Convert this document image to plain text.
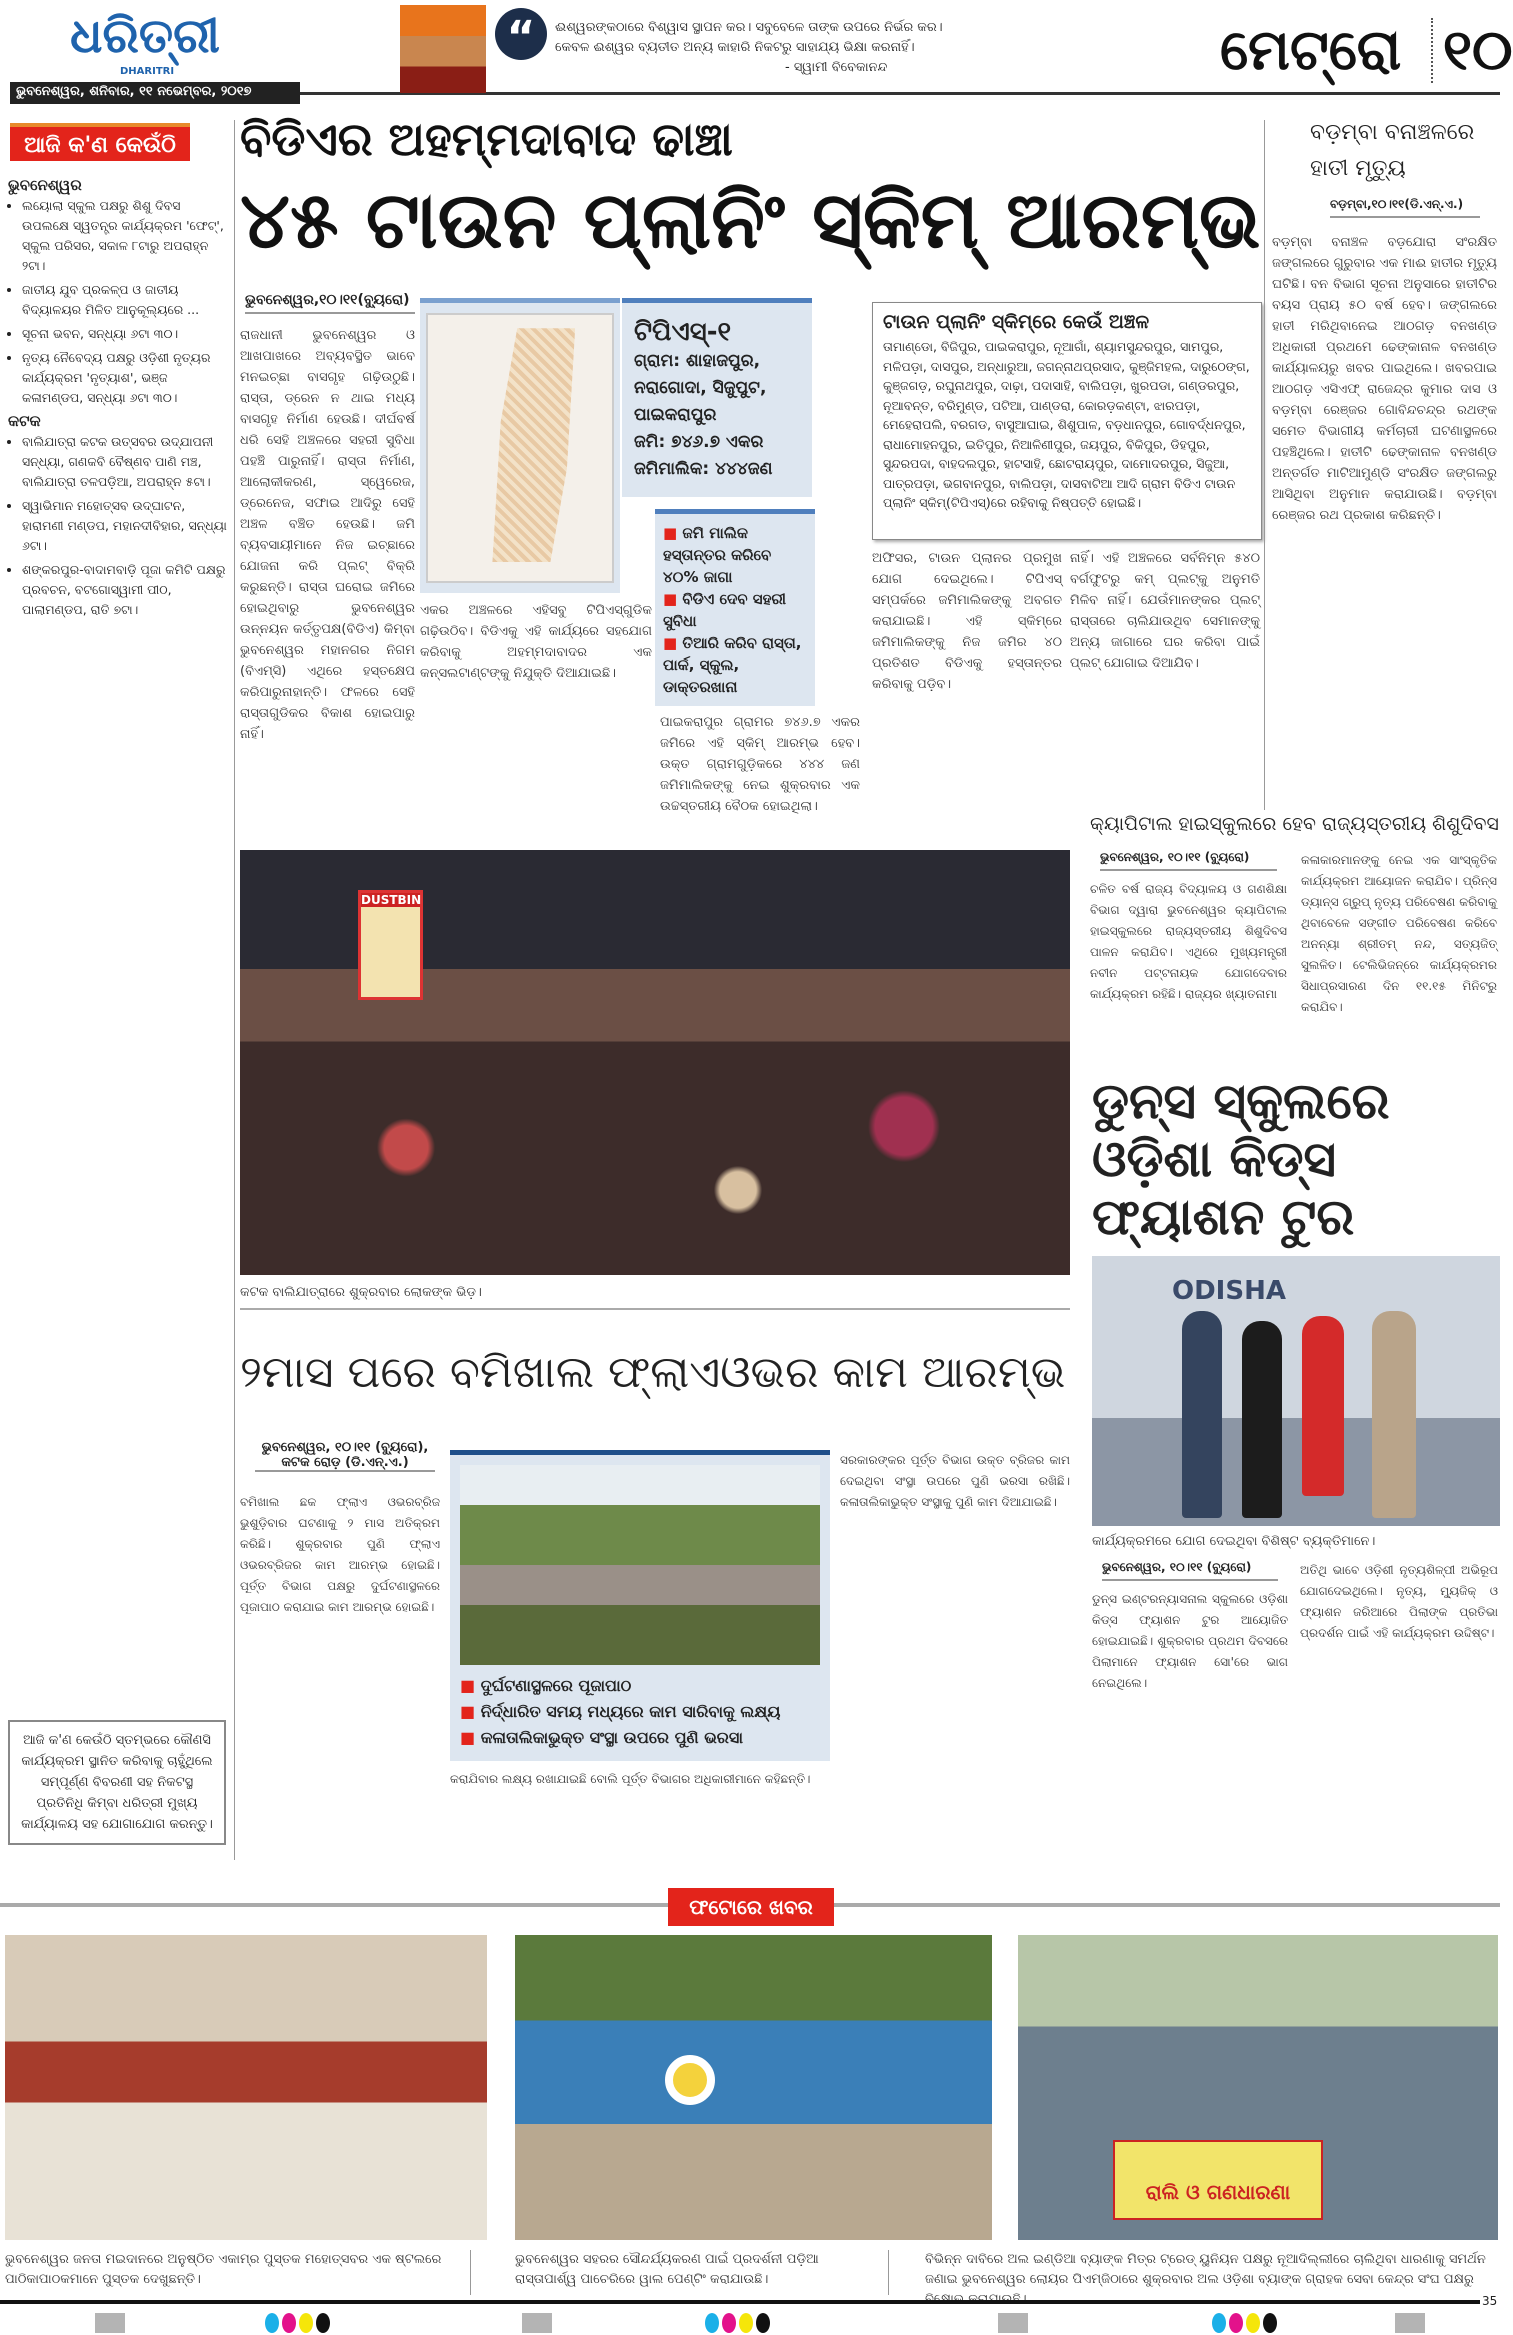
ଧରିତ୍ରୀ
DHARITRI
ଭୁବନେଶ୍ୱର, ଶନିବାର, ୧୧ ନଭେମ୍ବର, ୨୦୧୭
“	ଈଶ୍ୱରଙ୍କଠାରେ ବିଶ୍ୱାସ ସ୍ଥାପନ କର। ସବୁବେଳେ ତାଙ୍କ ଉପରେ ନିର୍ଭର କର।
କେବଳ ଈଶ୍ୱର ବ୍ୟତୀତ ଅନ୍ୟ କାହାରି ନିକଟରୁ ସାହାଯ୍ୟ ଭିକ୍ଷା କରନାହିଁ।
- ସ୍ୱାମୀ ବିବେକାନନ୍ଦ	ମେଟ୍ରୋ ୧୦
ଆଜି କ'ଣ କେଉଁଠି
ଭୁବନେଶ୍ୱର
• ଲୟୋଲା ସ୍କୁଲ ପକ୍ଷରୁ ଶିଶୁ ଦିବସ ଉପଲକ୍ଷେ ସ୍ୱତନ୍ତ୍ର କାର୍ଯ୍ୟକ୍ରମ 'ଫେଟ୍', ସ୍କୁଲ ପରିସର, ସକାଳ ୮ଟାରୁ ଅପରାହ୍ନ ୨ଟା।
• ଜାତୀୟ ଯୁବ ପ୍ରକଳ୍ପ ଓ ଜାତୀୟ ବିଦ୍ୟାଳୟର ମିଳିତ ଆନୁକୂଲ୍ୟରେ ...
• ସୂଚନା ଭବନ, ସନ୍ଧ୍ୟା ୬ଟା ୩୦।
• ନୃତ୍ୟ ନୈବେଦ୍ୟ ପକ୍ଷରୁ ଓଡ଼ିଶୀ ନୃତ୍ୟର କାର୍ଯ୍ୟକ୍ରମ 'ନୃତ୍ୟାଶ', ଭଞ୍ଜ କଳାମଣ୍ଡପ, ସନ୍ଧ୍ୟା ୬ଟା ୩୦।
କଟକ
• ବାଲିଯାତ୍ରା କଟକ ଉତ୍ସବର ଉଦ୍‌ଯାପନୀ ସନ୍ଧ୍ୟା, ଗଣକବି ବୈଷ୍ଣବ ପାଣି ମଞ୍ଚ, ବାଲିଯାତ୍ରା ତଳପଡ଼ିଆ, ଅପରାହ୍ନ ୫ଟା।
• ସ୍ୱାଭିମାନ ମହୋତ୍ସବ ଉଦ୍‌ଘାଟନ, ହାରାମଣୀ ମଣ୍ଡପ, ମହାନଦୀବିହାର, ସନ୍ଧ୍ୟା ୬ଟା।
• ଶଙ୍କରପୁର-ବାଦାମବାଡ଼ି ପୂଜା କମିଟି ପକ୍ଷରୁ ପ୍ରବଚନ, ବଟଗୋସ୍ୱାମୀ ପୀଠ, ପାଲାମଣ୍ଡପ, ରାତି ୭ଟା।
ଆଜି କ'ଣ କେଉଁଠି ସ୍ତମ୍ଭରେ କୌଣସି କାର୍ଯ୍ୟକ୍ରମ ସ୍ଥାନିତ କରିବାକୁ ଚାହୁଁଥିଲେ ସମ୍ପୂର୍ଣ୍ଣ ବିବରଣୀ ସହ ନିକଟସ୍ଥ ପ୍ରତିନିଧି କିମ୍ବା ଧରିତ୍ରୀ ମୁଖ୍ୟ କାର୍ଯ୍ୟାଳୟ ସହ ଯୋଗାଯୋଗ କରନ୍ତୁ।
ବିଡିଏର ଅହମ୍ମଦାବାଦ ଢାଞ୍ଚା
୪୫ ଟାଉନ ପ୍ଲାନିଂ ସ୍କିମ୍ ଆରମ୍ଭ
ଭୁବନେଶ୍ୱର,୧୦।୧୧(ବ୍ୟୁରୋ)
ରାଜଧାନୀ ଭୁବନେଶ୍ୱର ଓ ଆଖପାଖରେ ଅବ୍ୟବସ୍ଥିତ ଭାବେ ମନଇଚ୍ଛା ବାସଗୃହ ଗଢ଼ିଉଠୁଛି। ରାସ୍ତା, ଡ୍ରେନ ନ ଥାଇ ମଧ୍ୟ ବାସଗୃହ ନିର୍ମାଣ ହେଉଛି। ଦୀର୍ଘବର୍ଷ ଧରି ସେହି ଅଞ୍ଚଳରେ ସହରୀ ସୁବିଧା ପହଞ୍ଚି ପାରୁନାହିଁ। ରାସ୍ତା ନିର୍ମାଣ, ଆଲୋକୀକରଣ, ସ୍ୱେରେଜ, ଡ୍ରେନେଜ, ସଫାଇ ଆଦିରୁ ସେହି ଅଞ୍ଚଳ ବଞ୍ଚିତ ହେଉଛି। ଜମି ବ୍ୟବସାୟୀମାନେ ନିଜ ଇଚ୍ଛାରେ ଯୋଜନା କରି ପ୍ଲଟ୍ ବିକ୍ରି କରୁଛନ୍ତି। ରାସ୍ତା ଘରୋଇ ଜମିରେ ହୋଇଥିବାରୁ ଭୁବନେଶ୍ୱର ଉନ୍ନୟନ କର୍ତ୍ତୃପକ୍ଷ(ବିଡିଏ) କିମ୍ବା ଭୁବନେଶ୍ୱର ମହାନଗର ନିଗମ (ବିଏମ୍‌ସି) ଏଥିରେ ହସ୍ତକ୍ଷେପ କରିପାରୁନାହାନ୍ତି। ଫଳରେ ସେହି ରାସ୍ତାଗୁଡିକର ବିକାଶ ହୋଇପାରୁ ନାହିଁ।
ଏକର ଅଞ୍ଚଳରେ ଏହିସବୁ ଟିପିଏସ୍‌ଗୁଡିକ ଗଢ଼ିଉଠିବ। ବିଡିଏକୁ ଏହି କାର୍ଯ୍ୟରେ ସହଯୋଗ କରିବାକୁ ଅହମ୍ମଦାବାଦର ଏକ କନ୍‌ସଲଟାଣ୍ଟଙ୍କୁ ନିଯୁକ୍ତି ଦିଆଯାଇଛି।
ଟିପିଏସ୍-୧
ଗ୍ରାମ: ଶାହାଜପୁର, ନରାଗୋଦା, ସିଜୁପୁଟ, ପାଇକରାପୁର
ଜମି: ୭୪୬.୭ ଏକର
ଜମିମାଲିକ: ୪୪୪ଜଣ
■ ଜମି ମାଲିକ ହସ୍ତାନ୍ତର କରିବେ ୪୦% ଜାଗା
■ ବିଡିଏ ଦେବ ସହରୀ ସୁବିଧା
■ ତିଆରି କରିବ ରାସ୍ତା, ପାର୍କ, ସ୍କୁଲ, ଡାକ୍ତରଖାନା
ପାଇକରାପୁର ଗ୍ରାମର ୭୪୬.୭ ଏକର ଜମିରେ ଏହି ସ୍କିମ୍ ଆରମ୍ଭ ହେବ। ଉକ୍ତ ଗ୍ରାମଗୁଡ଼ିକରେ ୪୪୪ ଜଣ ଜମିମାଲିକଙ୍କୁ ନେଇ ଶୁକ୍ରବାର ଏକ ଉଚ୍ଚସ୍ତରୀୟ ବୈଠକ ହୋଇଥିଲା।
ଟାଉନ ପ୍ଲାନିଂ ସ୍କିମ୍‌ରେ କେଉଁ ଅଞ୍ଚଳ
ତାମାଣ୍ଡୋ, ବିଜିପୁର, ପାଇକରାପୁର, ନୂଆଗାଁ, ଶ୍ୟାମସୁନ୍ଦରପୁର, ସାମପୁର, ମଳିପଡ଼ା, ଦାସପୁର, ଅନ୍ଧାରୁଆ, ଜଗନ୍ନାଥପ୍ରସାଦ, କୁଞ୍ଜିମହଲ, ଦାରୁଠେଙ୍ଗ, କୁଞ୍ଜଗଡ଼, ରଘୁନାଥପୁର, ଦାଢ଼ା, ପଦାସାହି, ବାଲିପଡ଼ା, ଖୁରପଡା, ଗଣ୍ଡରପୁର, ନୂଆବନ୍ତ, ବରିମୁଣ୍ଡ, ପଟିଆ, ପାଣ୍ଡରା, କୋରଡ଼କଣ୍ଟା, ଝାରପଡ଼ା, ମେହେରାପଲି, ବରଗଡ, ବାସୁଆଘାଇ, ଶିଶୁପାଳ, ବଡ଼ଧାନପୁର, ଗୋବର୍ଦ୍ଧନପୁର, ରାଧାମୋହନପୁର, ଇତିପୁର, ନିଆଳିଣୀପୁର, ଜୟପୁର, ବିକିପୁର, ଡିହପୁର, ସୁନ୍ଦରପଦା, ବାହଦଲପୁର, ହାଟସାହି, ଛୋଟରାୟପୁର, ଦାମୋଦରପୁର, ସିଜୁଆ, ପାତ୍ରପଡ଼ା, ଭଗବାନପୁର, ବାଲିପଡ଼ା, ଦାସବାଟିଆ ଆଦି ଗ୍ରାମ ବିଡିଏ ଟାଉନ ପ୍ଲାନିଂ ସ୍କିମ୍(ଟିପିଏସ୍)ରେ ରହିବାକୁ ନିଷ୍ପତ୍ତି ହୋଇଛି।
ଅଫିସର, ଟାଉନ ପ୍ଲାନର ପ୍ରମୁଖ ଯୋଗ ଦେଇଥିଲେ। ଟିପିଏସ୍ ସମ୍ପର୍କରେ ଜମିମାଲିକଙ୍କୁ ଅବଗତ କରାଯାଇଛି। ଏହି ସ୍କିମ୍‌ରେ ଜମିମାଲିକଙ୍କୁ ନିଜ ଜମିର ୪୦ ପ୍ରତିଶତ ବିଡିଏକୁ ହସ୍ତାନ୍ତର କରିବାକୁ ପଡ଼ିବ।
ନାହିଁ। ଏହି ଅଞ୍ଚଳରେ ସର୍ବନିମ୍ନ ୫୪୦ ବର୍ଗଫୁଟରୁ କମ୍ ପ୍ଲଟ୍‌କୁ ଅନୁମତି ମିଳିବ ନାହିଁ। ଯେଉଁମାନଙ୍କର ପ୍ଲଟ୍ ରାସ୍ତାରେ ଚାଲିଯାଉଥିବ ସେମାନଙ୍କୁ ଅନ୍ୟ ଜାଗାରେ ଘର କରିବା ପାଇଁ ପ୍ଲଟ୍ ଯୋଗାଇ ଦିଆଯିବ।
ବଡ଼ମ୍ବା ବନାଞ୍ଚଳରେ ହାତୀ ମୃତ୍ୟୁ
ବଡ଼ମ୍ବା,୧୦।୧୧(ଡି.ଏନ୍.ଏ.)
ବଡ଼ମ୍ବା ବନାଞ୍ଚଳ ବଡ଼ଯୋରା ସଂରକ୍ଷିତ ଜଙ୍ଗଲରେ ଗୁରୁବାର ଏକ ମାଈ ହାତୀର ମୃତ୍ୟୁ ଘଟିଛି। ବନ ବିଭାଗ ସୂଚନା ଅନୁସାରେ ହାତୀଟିର ବୟସ ପ୍ରାୟ ୫୦ ବର୍ଷ ହେବ। ଜଙ୍ଗଲରେ ହାତୀ ମରିଥିବାନେଇ ଆଠଗଡ଼ ବନଖଣ୍ଡ ଅଧିକାରୀ ପ୍ରଥମେ ଢେଙ୍କାନାଳ ବନଖଣ୍ଡ କାର୍ଯ୍ୟାଳୟରୁ ଖବର ପାଇଥିଲେ। ଖବରପାଇ ଆଠଗଡ଼ ଏସିଏଫ୍ ରାଜେନ୍ଦ୍ର କୁମାର ଦାସ ଓ ବଡ଼ମ୍ବା ରେଞ୍ଜର ଗୋବିନ୍ଦଚନ୍ଦ୍ର ରଥଙ୍କ ସମେତ ବିଭାଗୀୟ କର୍ମଚାରୀ ଘଟଣାସ୍ଥଳରେ ପହଞ୍ଚିଥିଲେ। ହାତୀଟି ଢେଙ୍କାନାଳ ବନଖଣ୍ଡ ଅନ୍ତର୍ଗତ ମାଟିଆମୁଣ୍ଡି ସଂରକ୍ଷିତ ଜଙ୍ଗଲରୁ ଆସିଥିବା ଅନୁମାନ କରାଯାଉଛି। ବଡ଼ମ୍ବା ରେଞ୍ଜର ରଥ ପ୍ରକାଶ କରିଛନ୍ତି।
DUSTBIN
କଟକ ବାଲିଯାତ୍ରାରେ ଶୁକ୍ରବାର ଲୋକଙ୍କ ଭିଡ଼।
କ୍ୟାପିଟାଲ ହାଇସ୍କୁଲରେ ହେବ ରାଜ୍ୟସ୍ତରୀୟ ଶିଶୁଦିବସ
ଭୁବନେଶ୍ୱର, ୧୦।୧୧ (ବ୍ୟୁରୋ)
ଚଳିତ ବର୍ଷ ରାଜ୍ୟ ବିଦ୍ୟାଳୟ ଓ ଗଣଶିକ୍ଷା ବିଭାଗ ଦ୍ୱାରା ଭୁବନେଶ୍ୱର କ୍ୟାପିଟାଲ ହାଇସ୍କୁଲରେ ରାଜ୍ୟସ୍ତରୀୟ ଶିଶୁଦିବସ ପାଳନ କରାଯିବ। ଏଥିରେ ମୁଖ୍ୟମନ୍ତ୍ରୀ ନବୀନ ପଟ୍ଟନାୟକ ଯୋଗଦେବାର କାର୍ଯ୍ୟକ୍ରମ ରହିଛି। ରାଜ୍ୟର ଖ୍ୟାତନାମା
କଳାକାରମାନଙ୍କୁ ନେଇ ଏକ ସାଂସ୍କୃତିକ କାର୍ଯ୍ୟକ୍ରମ ଆୟୋଜନ କରାଯିବ। ପ୍ରିନ୍ସ ଡ୍ୟାନ୍ସ ଗ୍ରୁପ୍ ନୃତ୍ୟ ପରିବେଷଣ କରିବାକୁ ଥିବାବେଳେ ସଙ୍ଗୀତ ପରିବେଷଣ କରିବେ ଅନନ୍ୟା ଶ୍ରୀତମ୍ ନନ୍ଦ, ସତ୍ୟଜିତ୍ ସୁଲଳିତ। ଟେଲିଭିଜନ୍‌ରେ କାର୍ଯ୍ୟକ୍ରମର ସିଧାପ୍ରସାରଣ ଦିନ ୧୧.୧୫ ମିନିଟରୁ କରାଯିବ।
ଡୁନ୍‌ସ ସ୍କୁଲରେ ଓଡ଼ିଶା କିଡ୍‌ସ ଫ୍ୟାଶନ ଟୁର
ODISHA
କାର୍ଯ୍ୟକ୍ରମରେ ଯୋଗ ଦେଇଥିବା ବିଶିଷ୍ଟ ବ୍ୟକ୍ତିମାନେ।
ଭୁବନେଶ୍ୱର, ୧୦।୧୧ (ବ୍ୟୁରୋ)
ଡୁନ୍‌ସ ଇଣ୍ଟରନ୍ୟାସନାଲ ସ୍କୁଲରେ ଓଡ଼ିଶା କିଡ୍‌ସ ଫ୍ୟାଶନ ଟୁର ଆୟୋଜିତ ହୋଇଯାଇଛି। ଶୁକ୍ରବାର ପ୍ରଥମ ଦିବସରେ ପିଲାମାନେ ଫ୍ୟାଶନ ସୋ'ରେ ଭାଗ ନେଇଥିଲେ।
ଅତିଥି ଭାବେ ଓଡ଼ିଶୀ ନୃତ୍ୟଶିଳ୍ପୀ ଅଭିରୂପ ଯୋଗଦେଇଥିଲେ। ନୃତ୍ୟ, ମ୍ୟୁଜିକ୍ ଓ ଫ୍ୟାଶନ ଜରିଆରେ ପିଲାଙ୍କ ପ୍ରତିଭା ପ୍ରଦର୍ଶନ ପାଇଁ ଏହି କାର୍ଯ୍ୟକ୍ରମ ଉଦ୍ଦିଷ୍ଟ।
୨ମାସ ପରେ ବମିଖାଲ ଫ୍ଲାଏଓଭର କାମ ଆରମ୍ଭ
ଭୁବନେଶ୍ୱର, ୧୦।୧୧ (ବ୍ୟୁରୋ),
କଟକ ରୋଡ଼ (ଡି.ଏନ୍.ଏ.)
ବମିଖାଲ ଛକ ଫ୍ଲାଏ ଓଭରବ୍ରିଜ ଭୁଶୁଡ଼ିବାର ଘଟଣାକୁ ୨ ମାସ ଅତିକ୍ରମ କରିଛି। ଶୁକ୍ରବାର ପୁଣି ଫ୍ଲାଏ ଓଭରବ୍ରିଜର କାମ ଆରମ୍ଭ ହୋଇଛି। ପୂର୍ତ୍ତ ବିଭାଗ ପକ୍ଷରୁ ଦୁର୍ଘଟଣାସ୍ଥଳରେ ପୂଜାପାଠ କରାଯାଇ କାମ ଆରମ୍ଭ ହୋଇଛି।
■ ଦୁର୍ଘଟଣାସ୍ଥଳରେ ପୂଜାପାଠ
■ ନିର୍ଦ୍ଧାରିତ ସମୟ ମଧ୍ୟରେ କାମ ସାରିବାକୁ ଲକ୍ଷ୍ୟ
■ କଳାତାଲିକାଭୁକ୍ତ ସଂସ୍ଥା ଉପରେ ପୁଣି ଭରସା
କରାଯିବାର ଲକ୍ଷ୍ୟ ରଖାଯାଇଛି ବୋଲି ପୂର୍ତ୍ତ ବିଭାଗର ଅଧିକାରୀମାନେ କହିଛନ୍ତି।
ସରକାରଙ୍କର ପୂର୍ତ୍ତ ବିଭାଗ ଉକ୍ତ ବ୍ରିଜର କାମ ଦେଇଥିବା ସଂସ୍ଥା ଉପରେ ପୁଣି ଭରସା ରଖିଛି। କଳାତାଲିକାଭୁକ୍ତ ସଂସ୍ଥାକୁ ପୁଣି କାମ ଦିଆଯାଇଛି।
ଫଟୋରେ ଖବର
ରାଲି ଓ ଗଣଧାରଣା
ଭୁବନେଶ୍ୱର ଜନତା ମଇଦାନରେ ଅନୁଷ୍ଠିତ ଏକାମ୍ର ପୁସ୍ତକ ମହୋତ୍ସବର ଏକ ଷ୍ଟଲରେ ପାଠିକାପାଠକମାନେ ପୁସ୍ତକ ଦେଖୁଛନ୍ତି।
ଭୁବନେଶ୍ୱର ସହରର ସୌନ୍ଦର୍ଯ୍ୟକରଣ ପାଇଁ ପ୍ରଦର୍ଶନୀ ପଡ଼ିଆ ରାସ୍ତାପାର୍ଶ୍ୱ ପାଚେରିରେ ୱାଲ ପେଣ୍ଟିଂ କରାଯାଉଛି।
ବିଭିନ୍ନ ଦାବିରେ ଅଲ ଇଣ୍ଡିଆ ବ୍ୟାଙ୍କ ମିତ୍ର ଟ୍ରେଡ୍ ୟୁନିୟନ ପକ୍ଷରୁ ନୂଆଦିଲ୍ଲୀରେ ଚାଲିଥିବା ଧାରଣାକୁ ସମର୍ଥନ ଜଣାଇ ଭୁବନେଶ୍ୱର ଲୋୟର ପିଏମ୍‌ଜିଠାରେ ଶୁକ୍ରବାର ଅଲ ଓଡ଼ିଶା ବ୍ୟାଙ୍କ ଗ୍ରାହକ ସେବା କେନ୍ଦ୍ର ସଂଘ ପକ୍ଷରୁ
35
